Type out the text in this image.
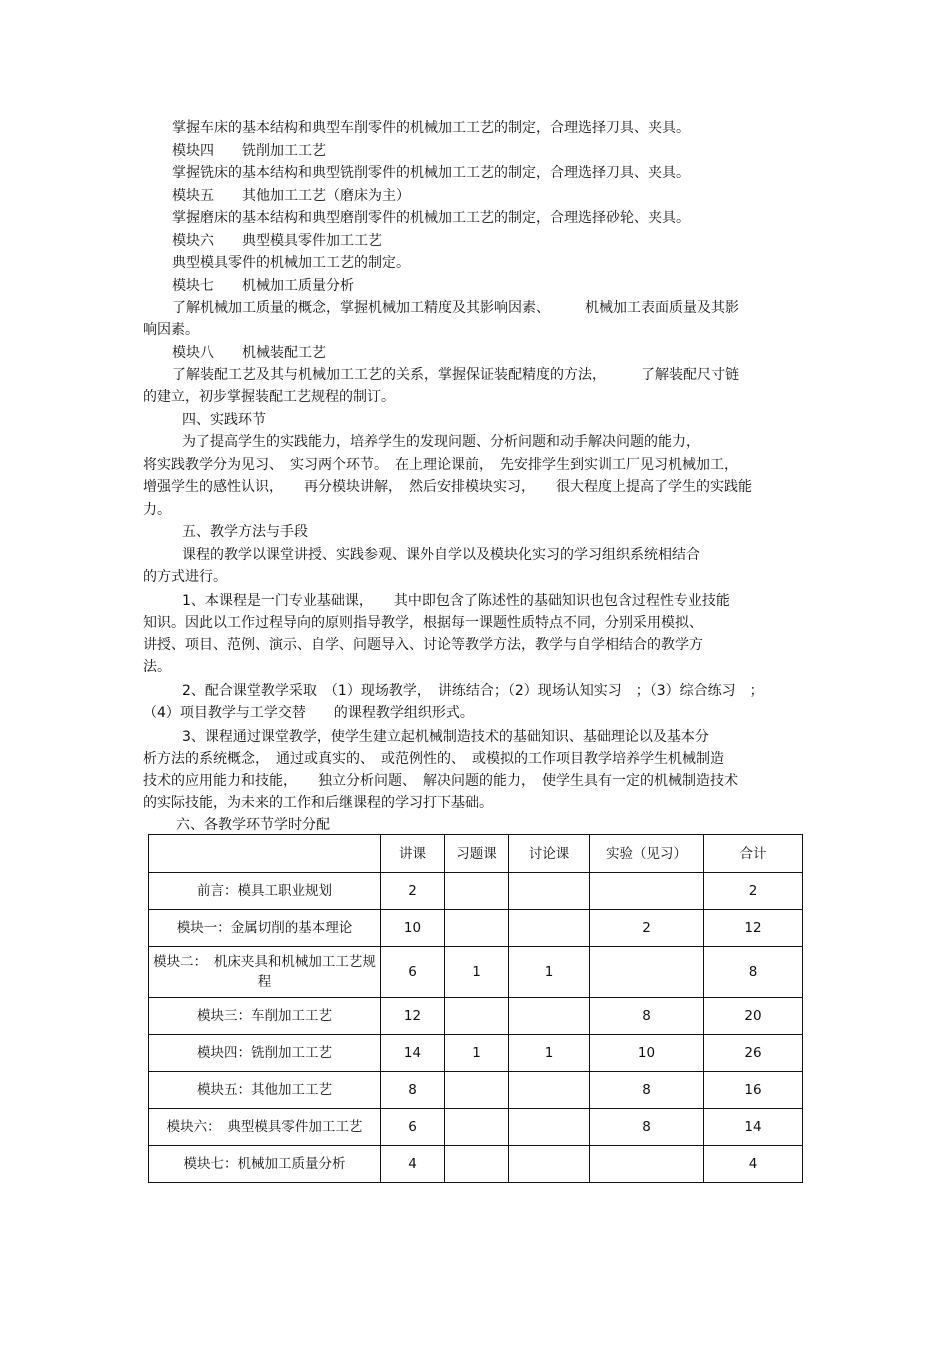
掌握车床的基本结构和典型车削零件的机械加工工艺的制定，合理选择刀具、夹具。
模块四　　铣削加工工艺
掌握铣床的基本结构和典型铣削零件的机械加工工艺的制定，合理选择刀具、夹具。
模块五　　其他加工工艺（磨床为主）
掌握磨床的基本结构和典型磨削零件的机械加工工艺的制定，合理选择砂轮、夹具。
模块六　　典型模具零件加工工艺
典型模具零件的机械加工工艺的制定。
模块七　　机械加工质量分析
了解机械加工质量的概念，掌握机械加工精度及其影响因素、　　　机械加工表面质量及其影
响因素。
模块八　　机械装配工艺
了解装配工艺及其与机械加工工艺的关系，掌握保证装配精度的方法，　　　了解装配尺寸链
的建立，初步掌握装配工艺规程的制订。
四、实践环节
为了提高学生的实践能力，培养学生的发现问题、分析问题和动手解决问题的能力，
将实践教学分为见习、　实习两个环节。　在上理论课前，　先安排学生到实训工厂见习机械加工，
增强学生的感性认识，　　再分模块讲解，　然后安排模块实习，　　很大程度上提高了学生的实践能
力。
五、教学方法与手段
课程的教学以课堂讲授、实践参观、课外自学以及模块化实习的学习组织系统相结合
的方式进行。
1、本课程是一门专业基础课，　　其中即包含了陈述性的基础知识也包含过程性专业技能
知识。因此以工作过程导向的原则指导教学，根据每一课题性质特点不同，分别采用模拟、
讲授、项目、范例、演示、自学、问题导入、讨论等教学方法，教学与自学相结合的教学方
法。
2、配合课堂教学采取　（1）现场教学，　讲练结合；（2）现场认知实习　；（3）综合练习　；
（4）项目教学与工学交替　　的课程教学组织形式。
3、课程通过课堂教学，使学生建立起机械制造技术的基础知识、基础理论以及基本分
析方法的系统概念，　通过或真实的、　或范例性的、　或模拟的工作项目教学培养学生机械制造
技术的应用能力和技能，　　独立分析问题、　解决问题的能力，　使学生具有一定的机械制造技术
的实际技能，为未来的工作和后继课程的学习打下基础。
六、各教学环节学时分配
	讲课	习题课	讨论课	实验（见习）	合计
前言：模具工职业规划	2				2
模块一：金属切削的基本理论	10			2	12
模块二：　机床夹具和机械加工工艺规程	6	1	1		8
模块三：车削加工工艺	12			8	20
模块四：铣削加工工艺	14	1	1	10	26
模块五：其他加工工艺	8			8	16
模块六：　典型模具零件加工工艺	6			8	14
模块七：机械加工质量分析	4				4
